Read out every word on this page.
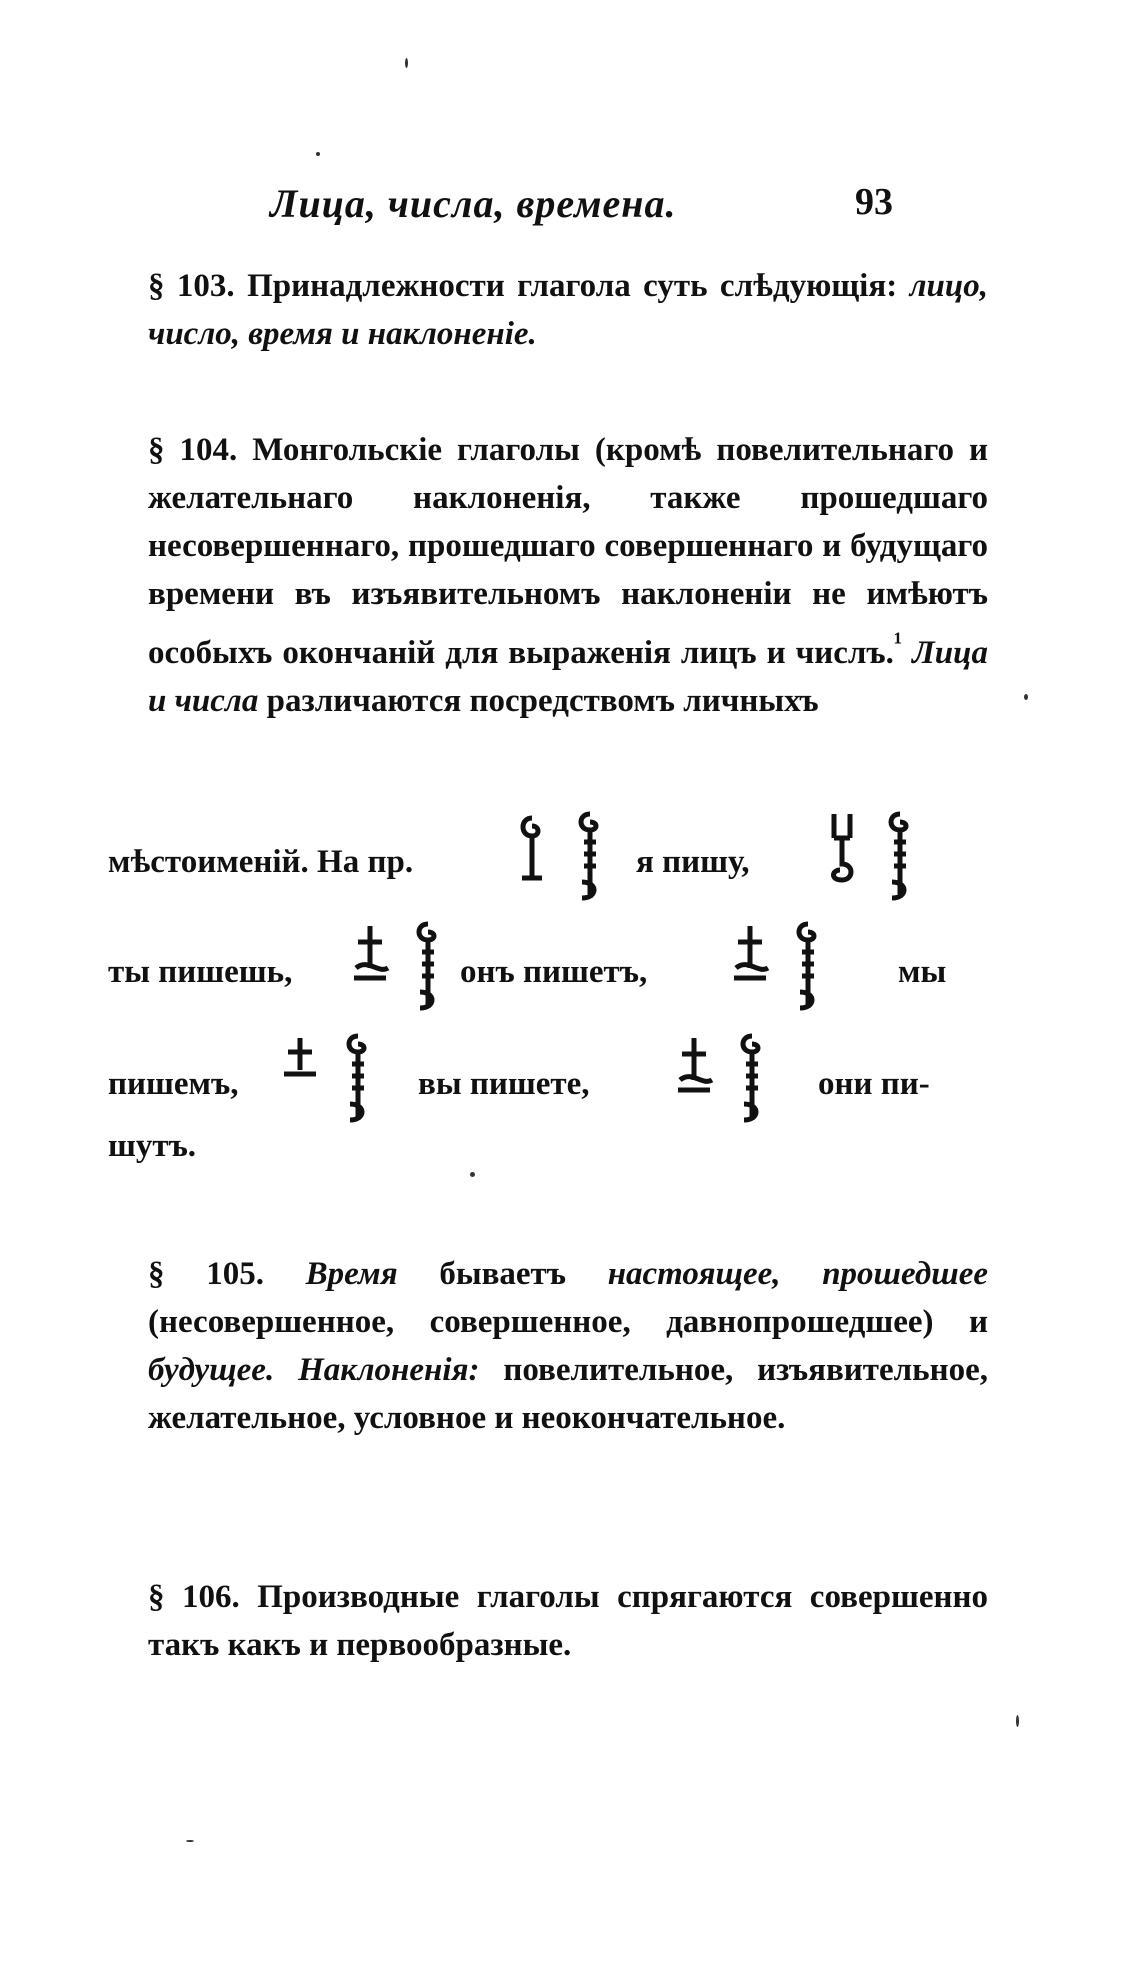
Лица, числа, времена.	93
§ 103. Принадлежности глагола суть слѣдующія: лицо, число, время и наклоненіе.
§ 104. Монгольскіе глаголы (кромѣ повелительнаго и желательнаго наклоненія, также прошедшаго несовершеннаго, прошедшаго совершеннаго и будущаго времени въ изъявительномъ наклоненіи не имѣютъ особыхъ окончаній для выраженія лицъ и числъ.$^{^1}$ Лица и числа различаются посредствомъ личныхъ
мѣстоименій. На пр.	я пишу,
ты пишешь,	онъ пишетъ,	мы
пишемъ,	вы пишете,	они пи-
шутъ.
§ 105. Время бываетъ настоящее, прошедшее (несовершенное, совершенное, давнопрошедшее) и будущее. Наклоненія: повелительное, изъявительное, желательное, условное и неокончательное.
§ 106. Производные глаголы спрягаются совершенно такъ какъ и первообразные.
